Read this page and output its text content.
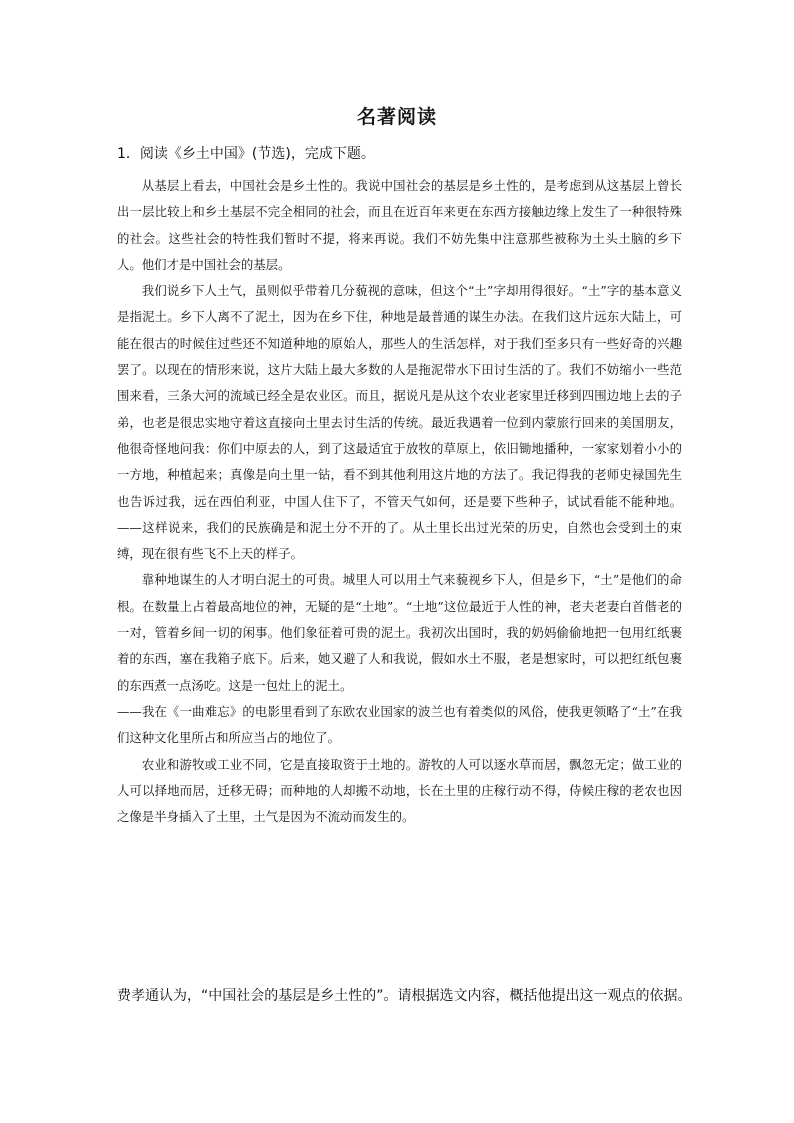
名著阅读
1．阅读《乡土中国》(节选)，完成下题。

从基层上看去，中国社会是乡土性的。我说中国社会的基层是乡土性的，是考虑到从这基层上曾长出一层比较上和乡土基层不完全相同的社会，而且在近百年来更在东西方接触边缘上发生了一种很特殊的社会。这些社会的特性我们暂时不提，将来再说。我们不妨先集中注意那些被称为土头土脑的乡下人。他们才是中国社会的基层。

我们说乡下人土气，虽则似乎带着几分藐视的意味，但这个“土”字却用得很好。“土”字的基本意义是指泥土。乡下人离不了泥土，因为在乡下住，种地是最普通的谋生办法。在我们这片远东大陆上，可能在很古的时候住过些还不知道种地的原始人，那些人的生活怎样，对于我们至多只有一些好奇的兴趣罢了。以现在的情形来说，这片大陆上最大多数的人是拖泥带水下田讨生活的了。我们不妨缩小一些范围来看，三条大河的流域已经全是农业区。而且，据说凡是从这个农业老家里迁移到四围边地上去的子弟，也老是很忠实地守着这直接向土里去讨生活的传统。最近我遇着一位到内蒙旅行回来的美国朋友，他很奇怪地问我：你们中原去的人，到了这最适宜于放牧的草原上，依旧锄地播种，一家家划着小小的一方地，种植起来；真像是向土里一钻，看不到其他利用这片地的方法了。我记得我的老师史禄国先生也告诉过我，远在西伯利亚，中国人住下了，不管天气如何，还是要下些种子，试试看能不能种地。——这样说来，我们的民族确是和泥土分不开的了。从土里长出过光荣的历史，自然也会受到土的束缚，现在很有些飞不上天的样子。

靠种地谋生的人才明白泥土的可贵。城里人可以用土气来藐视乡下人，但是乡下，“土”是他们的命根。在数量上占着最高地位的神，无疑的是“土地”。“土地”这位最近于人性的神，老夫老妻白首偕老的一对，管着乡间一切的闲事。他们象征着可贵的泥土。我初次出国时，我的奶妈偷偷地把一包用红纸裹着的东西，塞在我箱子底下。后来，她又避了人和我说，假如水土不服，老是想家时，可以把红纸包裹的东西煮一点汤吃。这是一包灶上的泥土。

——我在《一曲难忘》的电影里看到了东欧农业国家的波兰也有着类似的风俗，使我更领略了“土”在我们这种文化里所占和所应当占的地位了。

农业和游牧或工业不同，它是直接取资于土地的。游牧的人可以逐水草而居，飘忽无定；做工业的人可以择地而居，迁移无碍；而种地的人却搬不动地，长在土里的庄稼行动不得，侍候庄稼的老农也因之像是半身插入了土里，土气是因为不流动而发生的。

费孝通认为，“中国社会的基层是乡土性的”。请根据选文内容，概括他提出这一观点的依据。
